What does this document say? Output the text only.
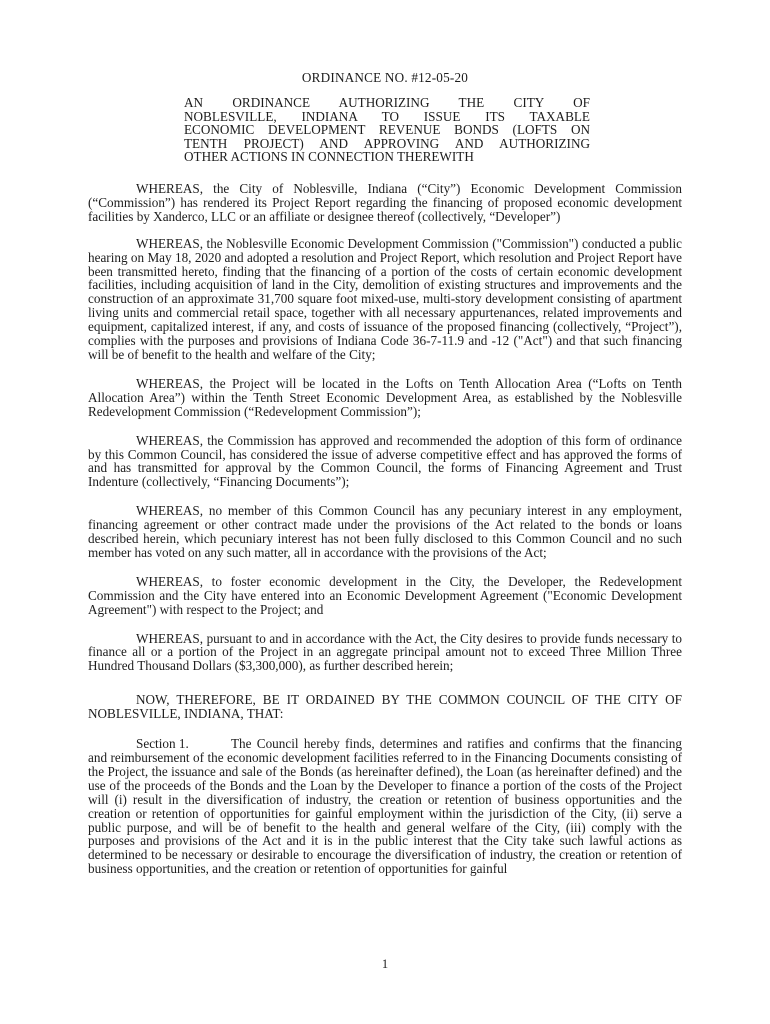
ORDINANCE NO. #12-05-20
AN ORDINANCE AUTHORIZING THE CITY OF
NOBLESVILLE, INDIANA TO ISSUE ITS TAXABLE
ECONOMIC DEVELOPMENT REVENUE BONDS (LOFTS ON
TENTH PROJECT) AND APPROVING AND AUTHORIZING
OTHER ACTIONS IN CONNECTION THEREWITH

WHEREAS, the City of Noblesville, Indiana (“City”) Economic Development Commission (“Commission”) has rendered its Project Report regarding the financing of proposed economic development facilities by Xanderco, LLC or an affiliate or designee thereof (collectively, “Developer”)

WHEREAS, the Noblesville Economic Development Commission ("Commission") conducted a public hearing on May 18, 2020 and adopted a resolution and Project Report, which resolution and Project Report have been transmitted hereto, finding that the financing of a portion of the costs of certain economic development facilities, including acquisition of land in the City, demolition of existing structures and improvements and the construction of an approximate 31,700 square foot mixed-use, multi-story development consisting of apartment living units and commercial retail space, together with all necessary appurtenances, related improvements and equipment, capitalized interest, if any, and costs of issuance of the proposed financing (collectively, “Project”), complies with the purposes and provisions of Indiana Code 36-7-11.9 and -12 ("Act") and that such financing will be of benefit to the health and welfare of the City;

WHEREAS, the Project will be located in the Lofts on Tenth Allocation Area (“Lofts on Tenth Allocation Area”) within the Tenth Street Economic Development Area, as established by the Noblesville Redevelopment Commission (“Redevelopment Commission”);

WHEREAS, the Commission has approved and recommended the adoption of this form of ordinance by this Common Council, has considered the issue of adverse competitive effect and has approved the forms of and has transmitted for approval by the Common Council, the forms of Financing Agreement and Trust Indenture (collectively, “Financing Documents”);

WHEREAS, no member of this Common Council has any pecuniary interest in any employment, financing agreement or other contract made under the provisions of the Act related to the bonds or loans described herein, which pecuniary interest has not been fully disclosed to this Common Council and no such member has voted on any such matter, all in accordance with the provisions of the Act;

WHEREAS, to foster economic development in the City, the Developer, the Redevelopment Commission and the City have entered into an Economic Development Agreement ("Economic Development Agreement") with respect to the Project; and

WHEREAS, pursuant to and in accordance with the Act, the City desires to provide funds necessary to finance all or a portion of the Project in an aggregate principal amount not to exceed Three Million Three Hundred Thousand Dollars ($3,300,000), as further described herein;

NOW, THEREFORE, BE IT ORDAINED BY THE COMMON COUNCIL OF THE CITY OF NOBLESVILLE, INDIANA, THAT:

Section 1.	The Council hereby finds, determines and ratifies and confirms that the financing and reimbursement of the economic development facilities referred to in the Financing Documents consisting of the Project, the issuance and sale of the Bonds (as hereinafter defined), the Loan (as hereinafter defined) and the use of the proceeds of the Bonds and the Loan by the Developer to finance a portion of the costs of the Project will (i) result in the diversification of industry, the creation or retention of business opportunities and the creation or retention of opportunities for gainful employment within the jurisdiction of the City, (ii) serve a public purpose, and will be of benefit to the health and general welfare of the City, (iii) comply with the purposes and provisions of the Act and it is in the public interest that the City take such lawful actions as determined to be necessary or desirable to encourage the diversification of industry, the creation or retention of business opportunities, and the creation or retention of opportunities for gainful

1
